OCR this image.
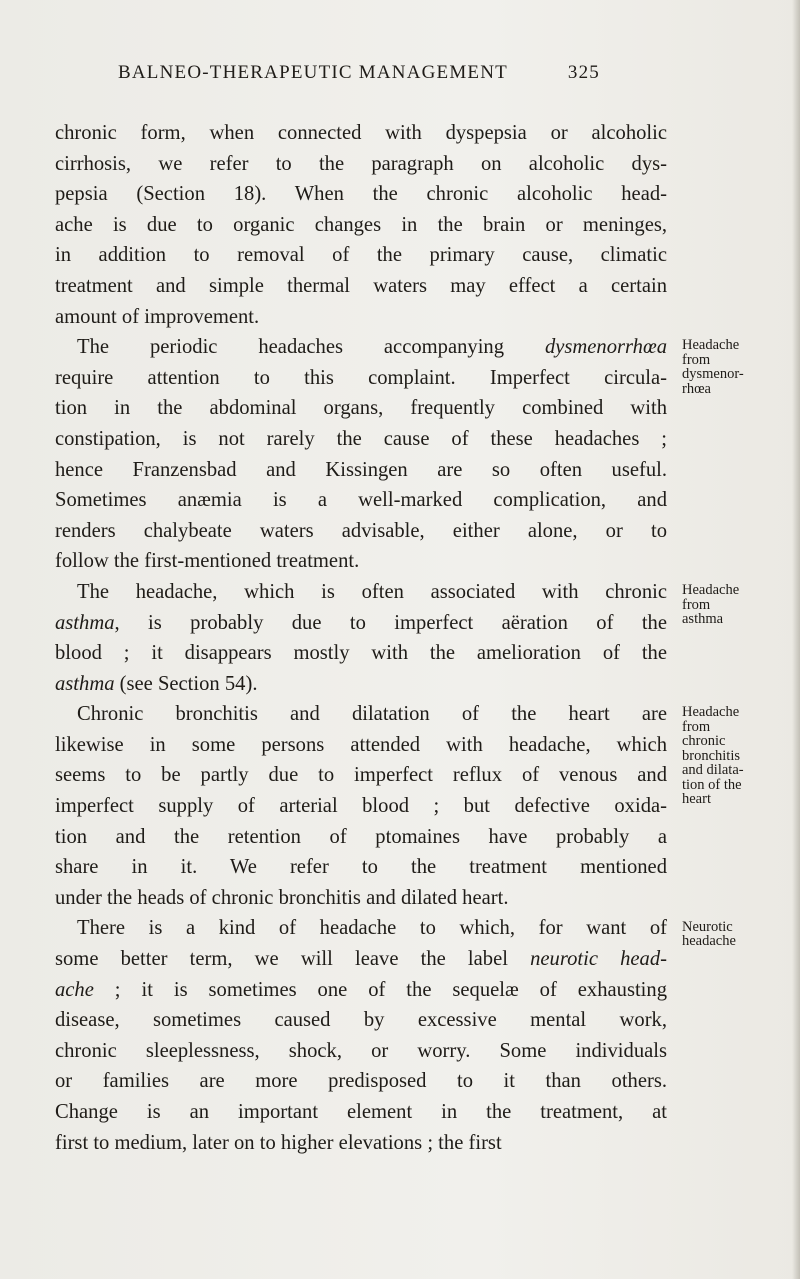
BALNEO-THERAPEUTIC MANAGEMENT	325
chronic form, when connected with dyspepsia or alcoholic
cirrhosis, we refer to the paragraph on alcoholic dys-
pepsia (Section 18). When the chronic alcoholic head-
ache is due to organic changes in the brain or meninges,
in addition to removal of the primary cause, climatic
treatment and simple thermal waters may effect a certain
amount of improvement.
The periodic headaches accompanying dysmenorrhœa
require attention to this complaint. Imperfect circula-
tion in the abdominal organs, frequently combined with
constipation, is not rarely the cause of these headaches ;
hence Franzensbad and Kissingen are so often useful.
Sometimes anæmia is a well-marked complication, and
renders chalybeate waters advisable, either alone, or to
follow the first-mentioned treatment.
The headache, which is often associated with chronic
asthma, is probably due to imperfect aëration of the
blood ; it disappears mostly with the amelioration of the
asthma (see Section 54).
Chronic bronchitis and dilatation of the heart are
likewise in some persons attended with headache, which
seems to be partly due to imperfect reflux of venous and
imperfect supply of arterial blood ; but defective oxida-
tion and the retention of ptomaines have probably a
share in it. We refer to the treatment mentioned
under the heads of chronic bronchitis and dilated heart.
There is a kind of headache to which, for want of
some better term, we will leave the label neurotic head-
ache ; it is sometimes one of the sequelæ of exhausting
disease, sometimes caused by excessive mental work,
chronic sleeplessness, shock, or worry. Some individuals
or families are more predisposed to it than others.
Change is an important element in the treatment, at
first to medium, later on to higher elevations ; the first
Headache
from
dysmenor-
rhœa
Headache
from
asthma
Headache
from
chronic
bronchitis
and dilata-
tion of the
heart
Neurotic
headache
